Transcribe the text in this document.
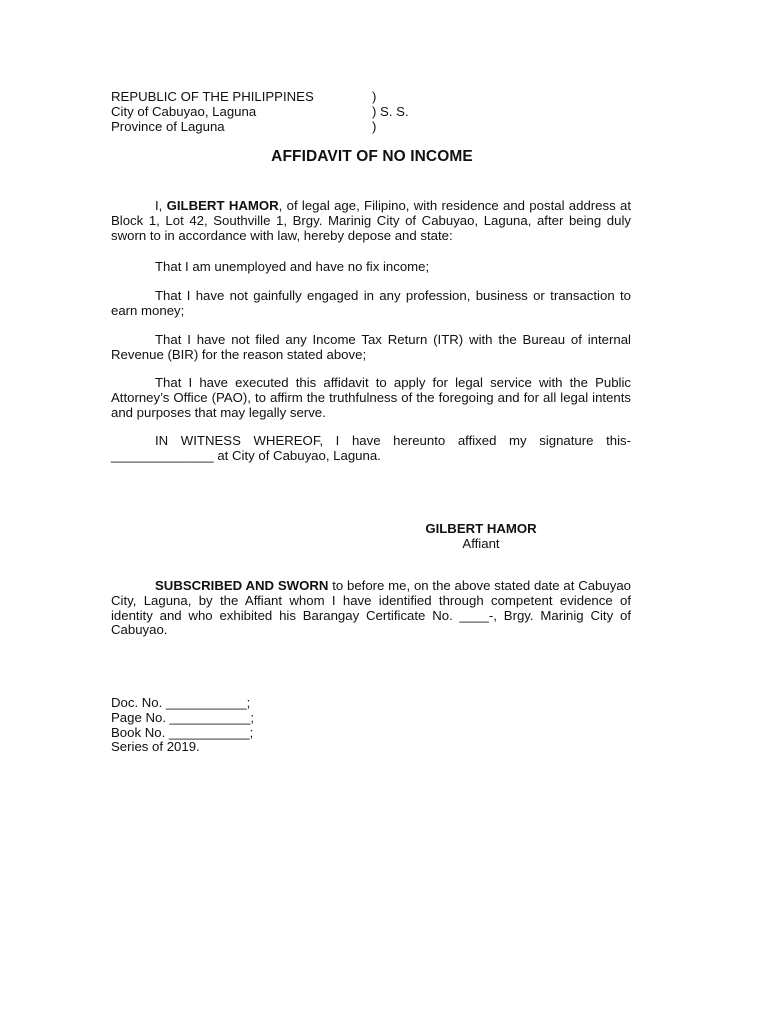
REPUBLIC OF THE PHILIPPINES	)
City of Cabuyao, Laguna	) S. S.
Province of Laguna	)
AFFIDAVIT OF NO INCOME

I, GILBERT HAMOR, of legal age, Filipino, with residence and postal address at Block 1, Lot 42, Southville 1, Brgy. Marinig City of Cabuyao, Laguna, after being duly sworn to in accordance with law, hereby depose and state:

That I am unemployed and have no fix income;

That I have not gainfully engaged in any profession, business or transaction to earn money;

That I have not filed any Income Tax Return (ITR) with the Bureau of internal Revenue (BIR) for the reason stated above;

That I have executed this affidavit to apply for legal service with the Public Attorney’s Office (PAO), to affirm the truthfulness of the foregoing and for all legal intents and purposes that may legally serve.

IN WITNESS WHEREOF, I have hereunto affixed my signature this-______________ at City of Cabuyao, Laguna.

GILBERT HAMOR
Affiant

SUBSCRIBED AND SWORN to before me, on the above stated date at Cabuyao City, Laguna, by the Affiant whom I have identified through competent evidence of identity and who exhibited his Barangay Certificate No. ____-, Brgy. Marinig City of Cabuyao.

Doc. No. ___________;
Page No. ___________;
Book No. ___________;
Series of 2019.
